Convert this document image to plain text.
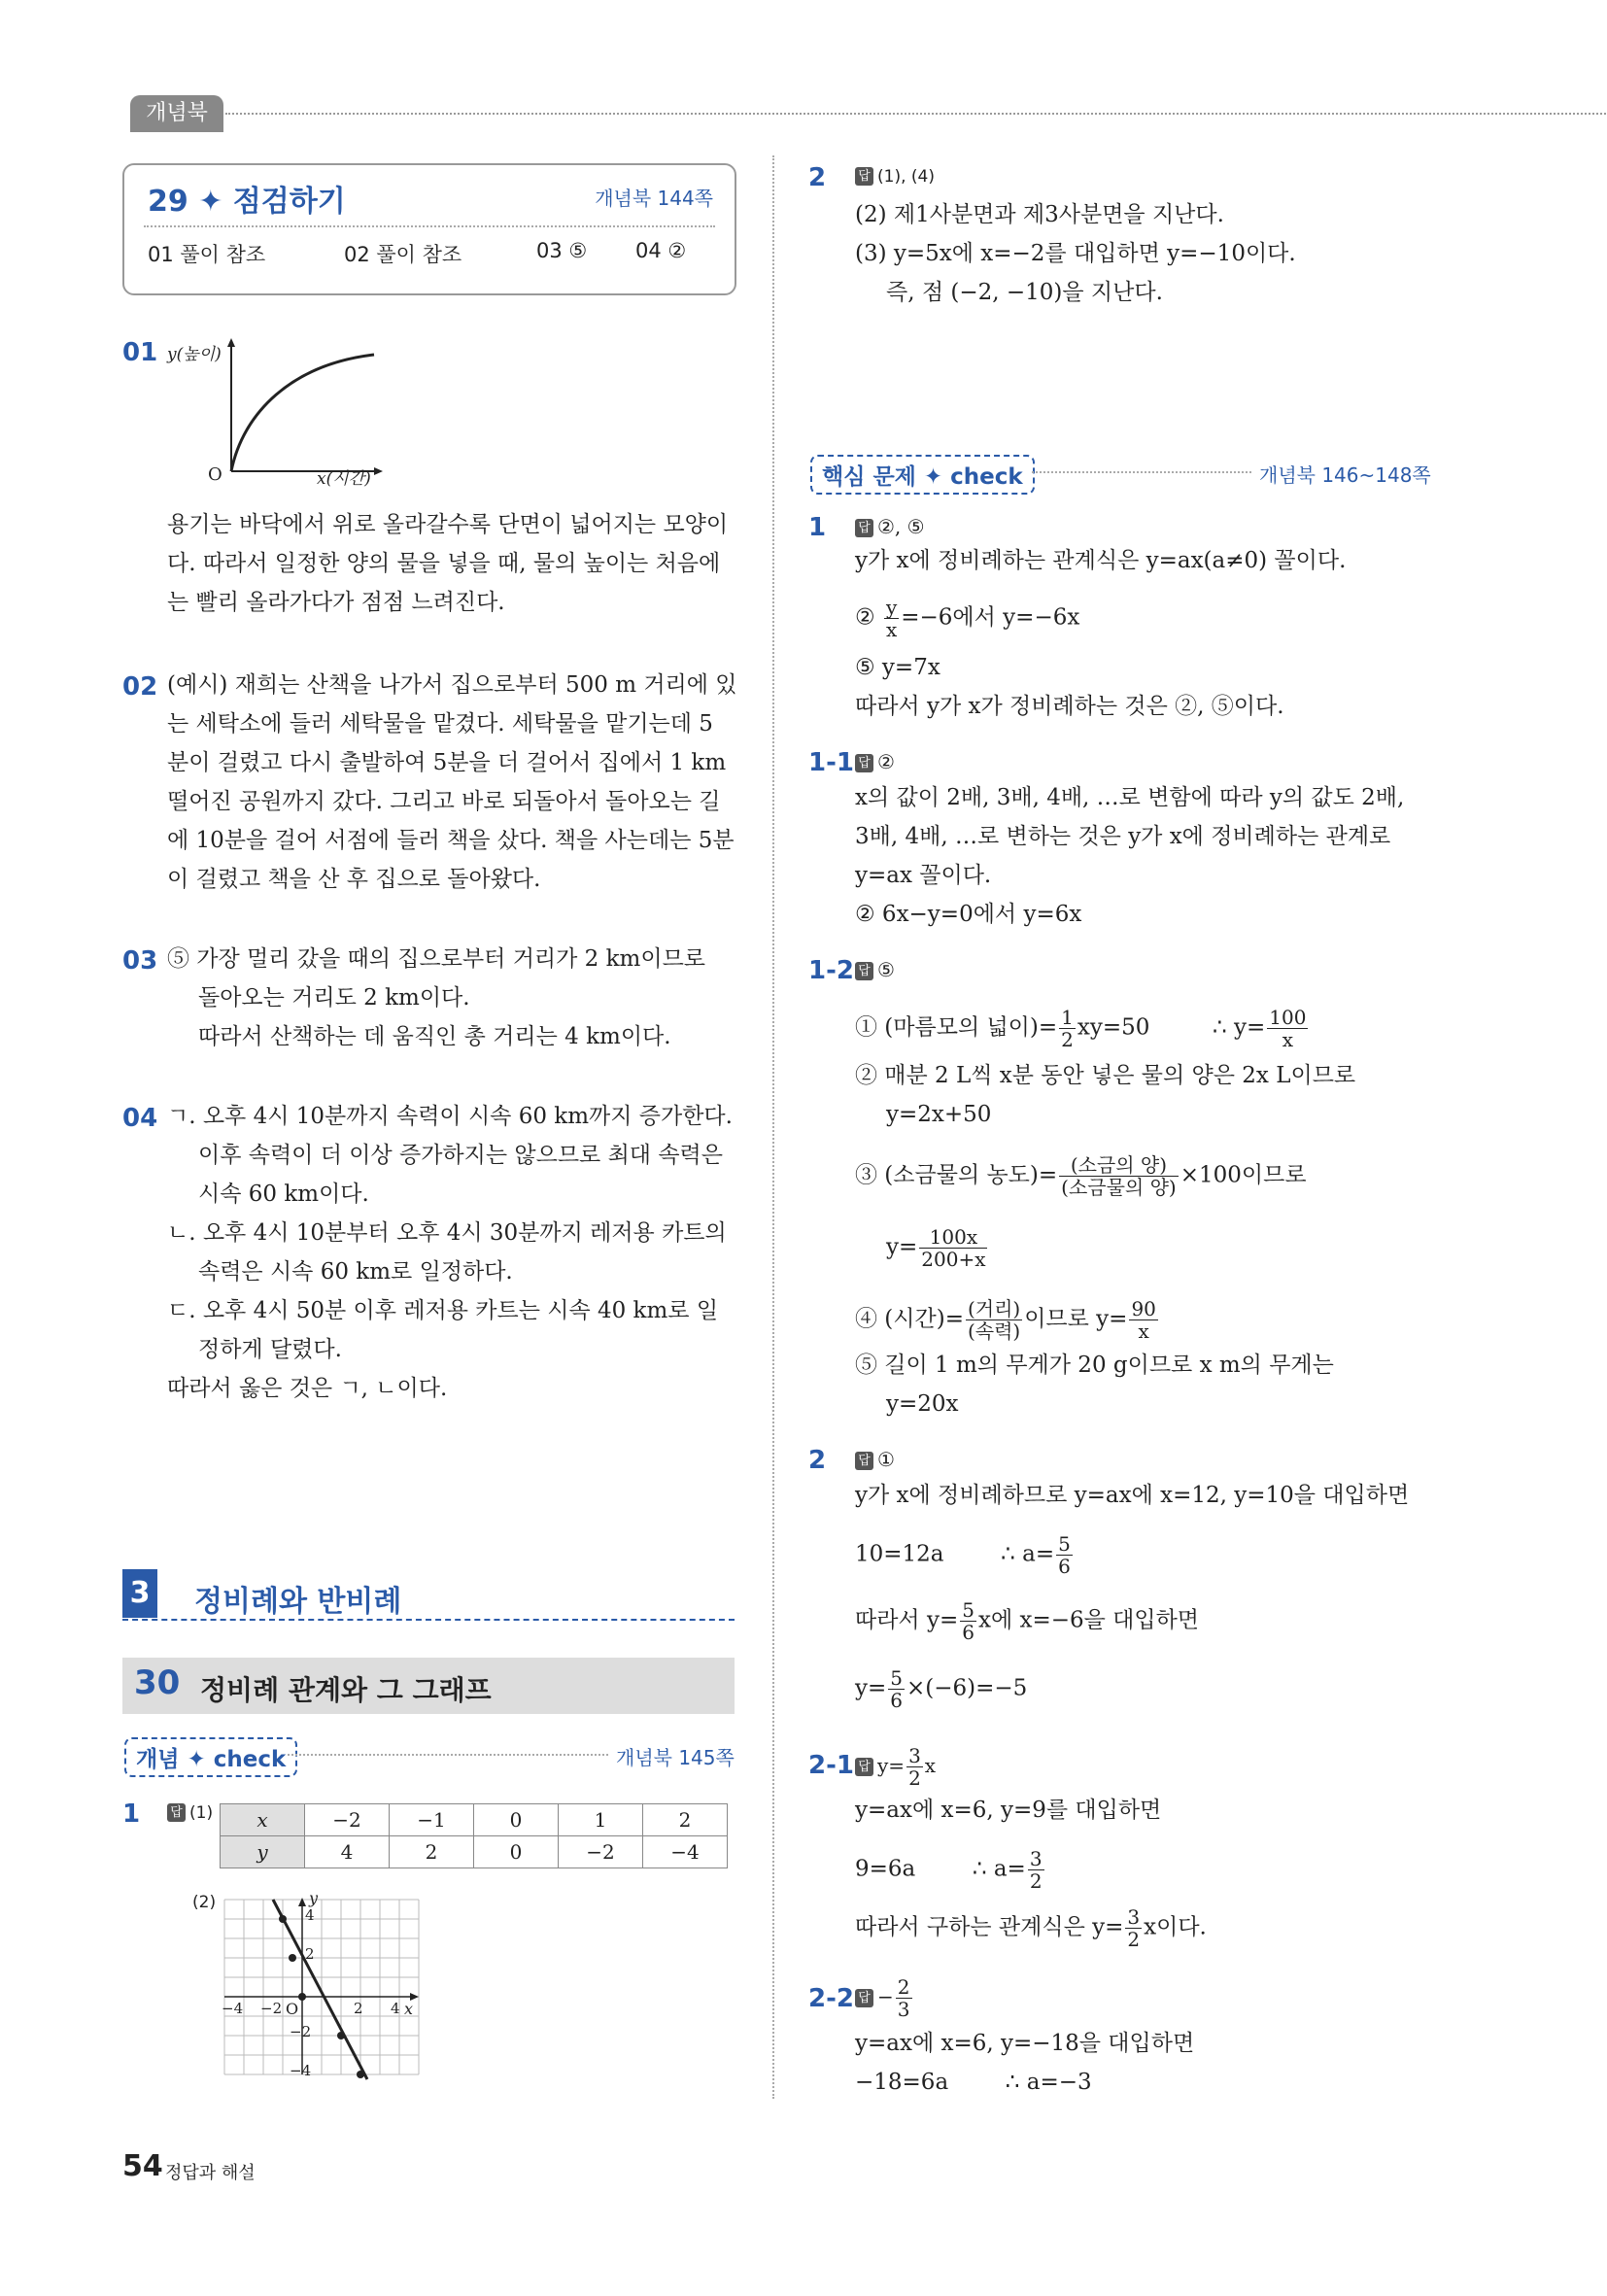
개념북
29 ✦ 점검하기	개념북 144쪽
01 풀이 참조	02 풀이 참조	03 ⑤ 04 ②
01 y(높이)
O	x(시간)
용기는 바닥에서 위로 올라갈수록 단면이 넓어지는 모양이
다. 따라서 일정한 양의 물을 넣을 때, 물의 높이는 처음에
는 빨리 올라가다가 점점 느려진다.
02 (예시) 재희는 산책을 나가서 집으로부터 500 m 거리에 있
는 세탁소에 들러 세탁물을 맡겼다. 세탁물을 맡기는데 5
분이 걸렸고 다시 출발하여 5분을 더 걸어서 집에서 1 km
떨어진 공원까지 갔다. 그리고 바로 되돌아서 돌아오는 길
에 10분을 걸어 서점에 들러 책을 샀다. 책을 사는데는 5분
이 걸렸고 책을 산 후 집으로 돌아왔다.
03 ⑤ 가장 멀리 갔을 때의 집으로부터 거리가 2 km이므로
돌아오는 거리도 2 km이다.
따라서 산책하는 데 움직인 총 거리는 4 km이다.
04 ㄱ. 오후 4시 10분까지 속력이 시속 60 km까지 증가한다.
이후 속력이 더 이상 증가하지는 않으므로 최대 속력은
시속 60 km이다.
ㄴ. 오후 4시 10분부터 오후 4시 30분까지 레저용 카트의
속력은 시속 60 km로 일정하다.
ㄷ. 오후 4시 50분 이후 레저용 카트는 시속 40 km로 일
정하게 달렸다.
따라서 옳은 것은 ㄱ, ㄴ이다.
3 정비례와 반비례
30 정비례 관계와 그 그래프
개념 ✦ check	개념북 145쪽
1 답 (1) x	−2	−1	0	1	2
y	4	2	0	−2	−4
(2)	y
x
O
4
2
−2
−4
−4 −2	2 4
2	답 (1), (4)
(2) 제1사분면과 제3사분면을 지난다.
(3) y=5x에 x=−2를 대입하면 y=−10이다.
즉, 점 (−2, −10)을 지난다.
핵심 문제 ✦ check	개념북 146~148쪽
1	답 ②, ⑤
y가 x에 정비례하는 관계식은 y=ax(a≠0) 꼴이다.
② $\frac{y}{x} =-6$에서 y=−6x
⑤ y=7x
따라서 y가 x가 정비례하는 것은 ②, ⑤이다.
1-1 답 ②
x의 값이 2배, 3배, 4배, …로 변함에 따라 y의 값도 2배,
3배, 4배, …로 변하는 것은 y가 x에 정비례하는 관계로
y=ax 꼴이다.
② 6x−y=0에서 y=6x
1-2 답 ⑤
① (마름모의 넓이)= $\frac{1}{2} xy=50$	∴ $y= \frac{100}{x}$
② 매분 2 L씩 x분 동안 넣은 물의 양은 2x L이므로
y=2x+50
③ (소금물의 농도)= $\frac{\text{(소금의 양)}}{\text{(소금물의 양)}} \times 100$이므로
$y= \frac{100x}{200+x}$
④ (시간)= $\frac{\text{(거리)}}{\text{(속력)}}$ 이므로 $y= \frac{90}{x}$
⑤ 길이 1 m의 무게가 20 g이므로 x m의 무게는
y=20x
2	답 ①
y가 x에 정비례하므로 y=ax에 x=12, y=10을 대입하면
10=12a	∴ $a= \frac{5}{6}$
따라서 $y= \frac{5}{6}$ x에 x=−6을 대입하면
$y= \frac{5}{6} \times(-6)=-5$
2-1 답 $y= \frac{3}{2}$ x
y=ax에 x=6, y=9를 대입하면
9=6a	∴ $a= \frac{3}{2}$
따라서 구하는 관계식은 $y= \frac{3}{2}$ x이다.
2-2 답 − $\frac{2}{3}$
y=ax에 x=6, y=−18을 대입하면
−18=6a	∴ a=−3
54 정답과 해설
